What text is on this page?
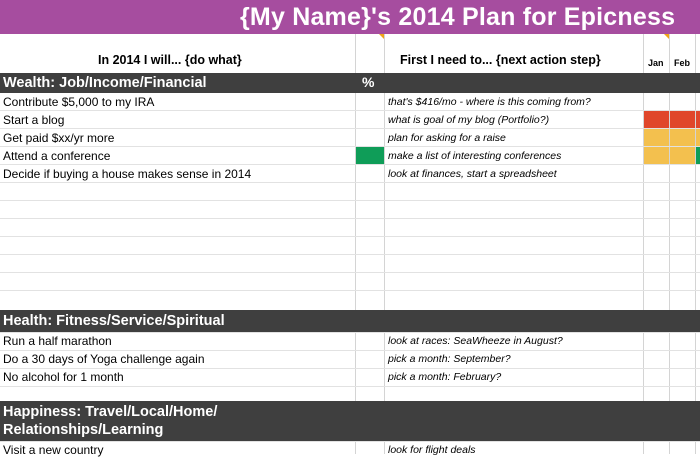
{My Name}'s 2014 Plan for Epicness
In 2014 I will... {do what}	First I need to... {next action step}	Jan Feb
Wealth: Job/Income/Financial	%
Contribute $5,000 to my IRA	that's $416/mo - where is this coming from?
Start a blog	what is goal of my blog (Portfolio?)
Get paid $xx/yr more	plan for asking for a raise
Attend a conference	make a list of interesting conferences
Decide if buying a house makes sense in 2014	look at finances, start a spreadsheet
Health: Fitness/Service/Spiritual
Run a half marathon	look at races: SeaWheeze in August?
Do a 30 days of Yoga challenge again	pick a month: September?
No alcohol for 1 month	pick a month: February?
Happiness: Travel/Local/Home/
Relationships/Learning
Visit a new country	look for flight deals
